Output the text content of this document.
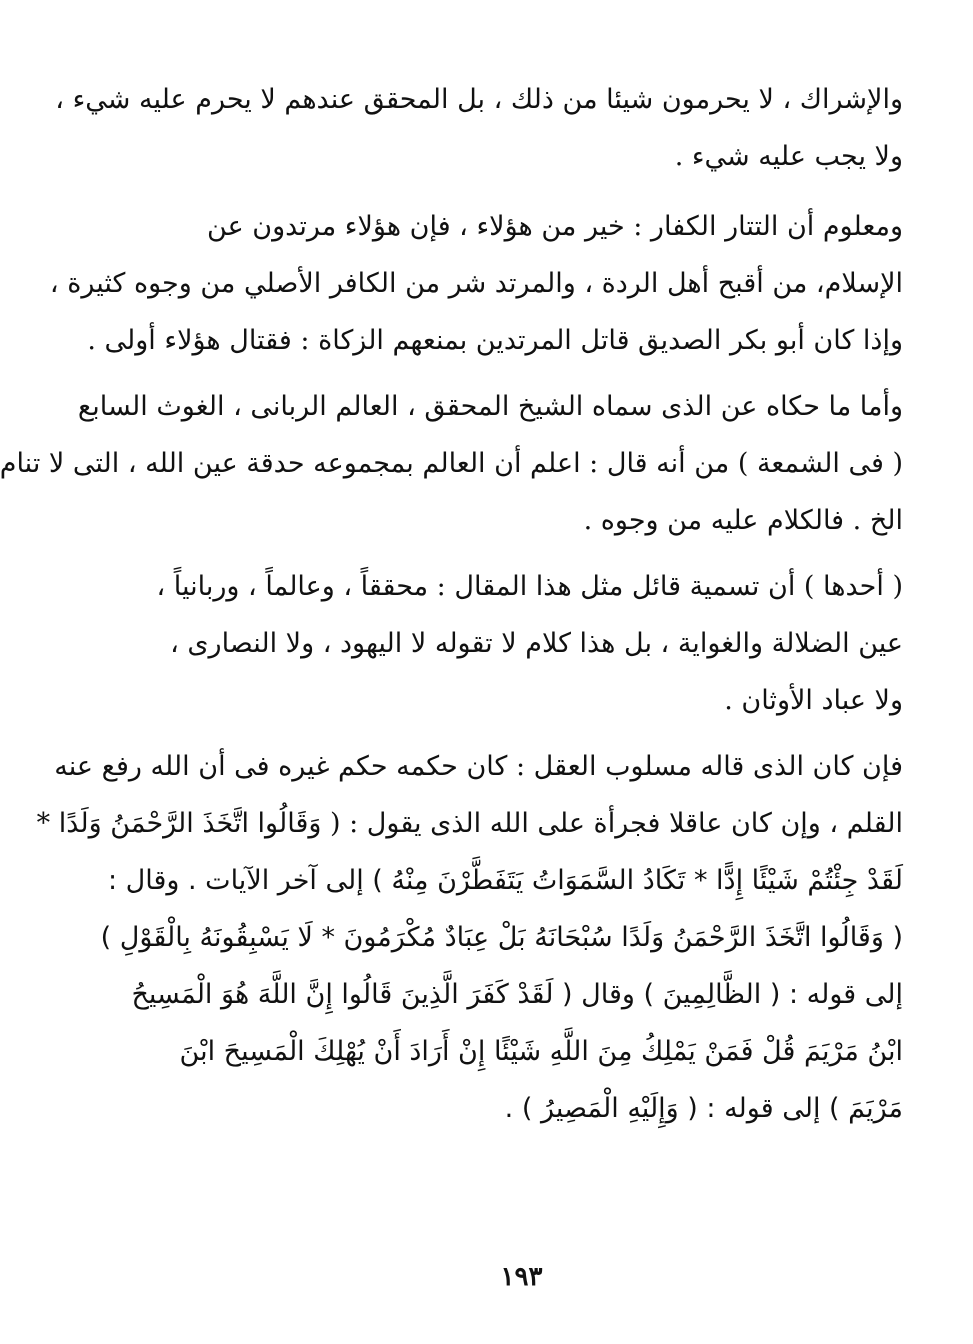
والإشراك ، لا يحرمون شيئا من ذلك ، بل المحقق عندهم لا يحرم عليه شيء ،
ولا يجب عليه شيء .
ومعلوم أن التتار الكفار : خير من هؤلاء ، فإن هؤلاء مرتدون عن
الإسلام، من أقبح أهل الردة ، والمرتد شر من الكافر الأصلي من وجوه كثيرة ،
وإذا كان أبو بكر الصديق قاتل المرتدين بمنعهم الزكاة : فقتال هؤلاء أولى .
وأما ما حكاه عن الذى سماه الشيخ المحقق ، العالم الربانى ، الغوث السابع
( فى الشمعة ) من أنه قال : اعلم أن العالم بمجموعه حدقة عين الله ، التى لا تنام
الخ . فالكلام عليه من وجوه .
( أحدها ) أن تسمية قائل مثل هذا المقال : محققاً ، وعالماً ، وربانياً ،
عين الضلالة والغواية ، بل هذا كلام لا تقوله لا اليهود ، ولا النصارى ،
ولا عباد الأوثان .
فإن كان الذى قاله مسلوب العقل : كان حكمه حكم غيره فى أن الله رفع عنه
القلم ، وإن كان عاقلا فجرأة على الله الذى يقول : ( وَقَالُوا اتَّخَذَ الرَّحْمَنُ وَلَدًا *
لَقَدْ جِئْتُمْ شَيْئًا إِدًّا * تَكَادُ السَّمَوَاتُ يَتَفَطَّرْنَ مِنْهُ ) إلى آخر الآيات . وقال :
( وَقَالُوا اتَّخَذَ الرَّحْمَنُ وَلَدًا سُبْحَانَهُ بَلْ عِبَادٌ مُكْرَمُونَ * لَا يَسْبِقُونَهُ بِالْقَوْلِ )
إلى قوله : ( الظَّالِمِينَ ) وقال ( لَقَدْ كَفَرَ الَّذِينَ قَالُوا إِنَّ اللَّهَ هُوَ الْمَسِيحُ
ابْنُ مَرْيَمَ قُلْ فَمَنْ يَمْلِكُ مِنَ اللَّهِ شَيْئًا إِنْ أَرَادَ أَنْ يُهْلِكَ الْمَسِيحَ ابْنَ
مَرْيَمَ ) إلى قوله : ( وَإِلَيْهِ الْمَصِيرُ ) .
١٩٣
